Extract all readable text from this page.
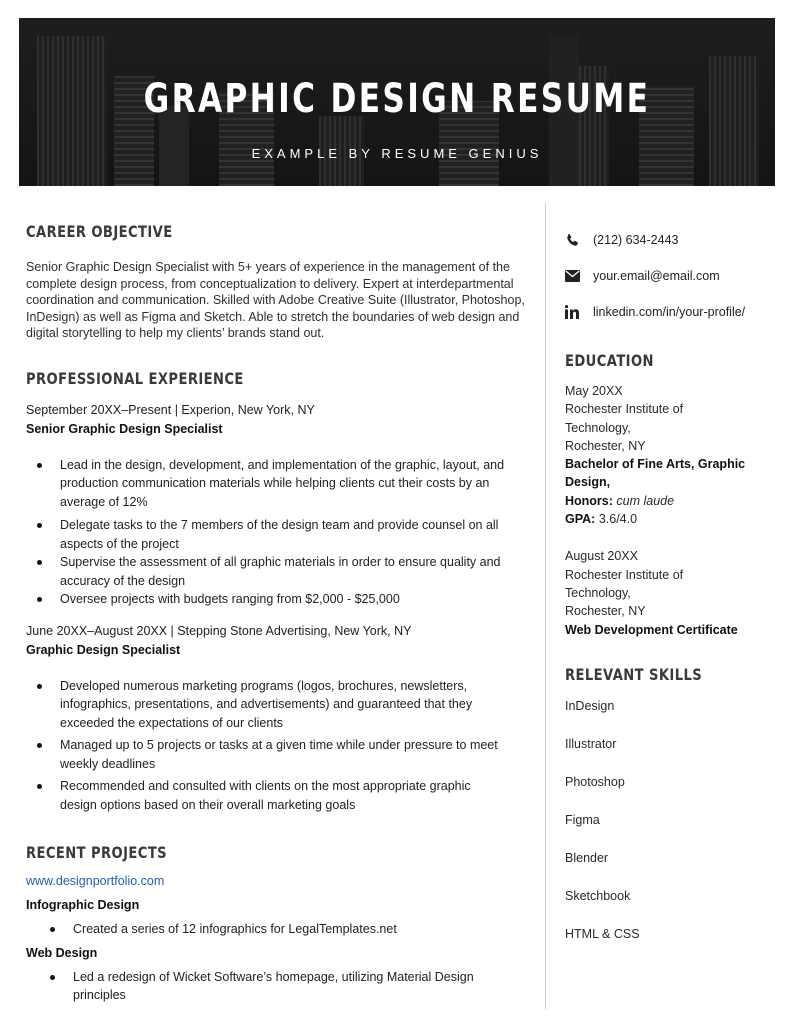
GRAPHIC DESIGN RESUME
EXAMPLE BY RESUME GENIUS
CAREER OBJECTIVE
Senior Graphic Design Specialist with 5+ years of experience in the management of the complete design process, from conceptualization to delivery. Expert at interdepartmental coordination and communication. Skilled with Adobe Creative Suite (Illustrator, Photoshop, InDesign) as well as Figma and Sketch. Able to stretch the boundaries of web design and digital storytelling to help my clients’ brands stand out.
PROFESSIONAL EXPERIENCE
September 20XX–Present | Experion, New York, NY
Senior Graphic Design Specialist
Lead in the design, development, and implementation of the graphic, layout, and production communication materials while helping clients cut their costs by an average of 12%
Delegate tasks to the 7 members of the design team and provide counsel on all aspects of the project
Supervise the assessment of all graphic materials in order to ensure quality and accuracy of the design
Oversee projects with budgets ranging from $2,000 - $25,000
June 20XX–August 20XX | Stepping Stone Advertising, New York, NY
Graphic Design Specialist
Developed numerous marketing programs (logos, brochures, newsletters, infographics, presentations, and advertisements) and guaranteed that they exceeded the expectations of our clients
Managed up to 5 projects or tasks at a given time while under pressure to meet weekly deadlines
Recommended and consulted with clients on the most appropriate graphic design options based on their overall marketing goals
RECENT PROJECTS
www.designportfolio.com
Infographic Design
Created a series of 12 infographics for LegalTemplates.net
Web Design
Led a redesign of Wicket Software’s homepage, utilizing Material Design principles
(212) 634-2443
your.email@email.com
linkedin.com/in/your-profile/
EDUCATION
May 20XX
Rochester Institute of
Technology,
Rochester, NY
Bachelor of Fine Arts, Graphic
Design,
Honors: cum laude
GPA: 3.6/4.0
August 20XX
Rochester Institute of
Technology,
Rochester, NY
Web Development Certificate
RELEVANT SKILLS
InDesign
Illustrator
Photoshop
Figma
Blender
Sketchbook
HTML & CSS
